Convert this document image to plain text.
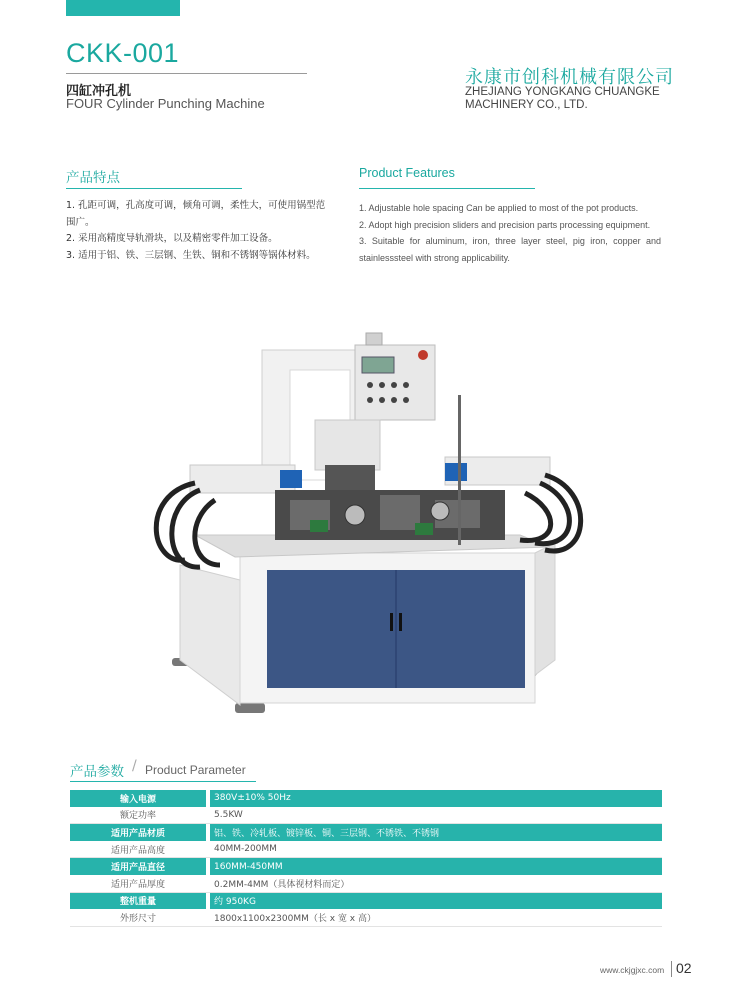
CKK-001
四缸冲孔机
FOUR Cylinder Punching Machine
永康市创科机械有限公司
ZHEJIANG YONGKANG CHUANGKE
MACHINERY CO., LTD.
产品特点	Product Features
1. 孔距可调，孔高度可调，倾角可调，柔性大，可使用锅型范围广。
2. 采用高精度导轨滑块，以及精密零件加工设备。
3. 适用于铝、铁、三层钢、生铁、铜和不锈钢等锅体材料。
1. Adjustable hole spacing Can be applied to most of the pot products.
2. Adopt high precision sliders and precision parts processing equipment.
3. Suitable for aluminum, iron, three layer steel, pig iron, copper and stainlesssteel with strong applicability.
产品参数 / Product Parameter
输入电源		380V±10% 50Hz
额定功率		5.5KW
适用产品材质		铝、铁、冷轧板、镀锌板、铜、三层钢、不锈铁、不锈钢
适用产品高度		40MM-200MM
适用产品直径		160MM-450MM
适用产品厚度		0.2MM-4MM（具体视材料而定）
整机重量		约 950KG
外形尺寸		1800x1100x2300MM（长 x 宽 x 高）
www.ckjgjxc.com 02
